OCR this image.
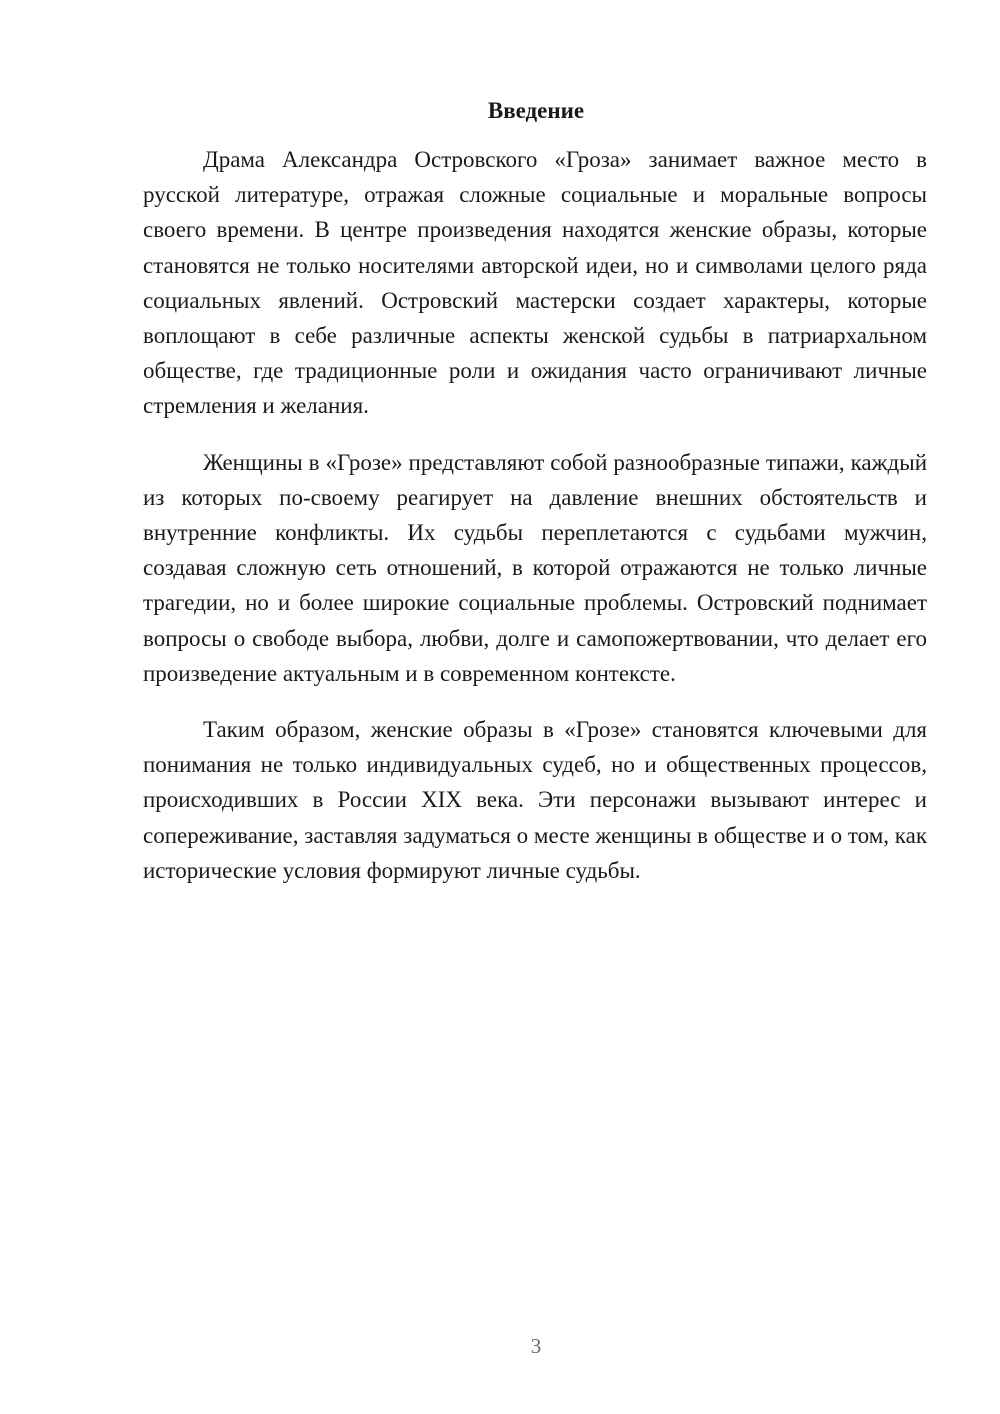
Введение

Драма Александра Островского «Гроза» занимает важное место в русской литературе, отражая сложные социальные и моральные вопросы своего времени. В центре произведения находятся женские образы, которые становятся не только носителями авторской идеи, но и символами целого ряда социальных явлений. Островский мастерски создает характеры, которые воплощают в себе различные аспекты женской судьбы в патриархальном обществе, где традиционные роли и ожидания часто ограничивают личные стремления и желания.

Женщины в «Грозе» представляют собой разнообразные типажи, каждый из которых по-своему реагирует на давление внешних обстоятельств и внутренние конфликты. Их судьбы переплетаются с судьбами мужчин, создавая сложную сеть отношений, в которой отражаются не только личные трагедии, но и более широкие социальные проблемы. Островский поднимает вопросы о свободе выбора, любви, долге и самопожертвовании, что делает его произведение актуальным и в современном контексте.

Таким образом, женские образы в «Грозе» становятся ключевыми для понимания не только индивидуальных судеб, но и общественных процессов, происходивших в России XIX века. Эти персонажи вызывают интерес и сопереживание, заставляя задуматься о месте женщины в обществе и о том, как исторические условия формируют личные судьбы.

3
